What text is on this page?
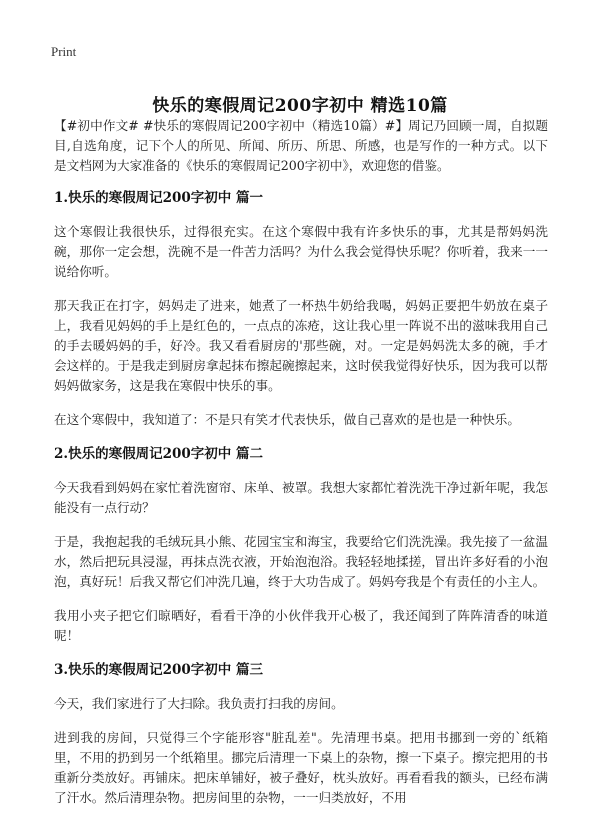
Print
快乐的寒假周记200字初中 精选10篇

【#初中作文# #快乐的寒假周记200字初中（精选10篇）#】周记乃回顾一周，自拟题目,自选角度，记下个人的所见、所闻、所历、所思、所感，也是写作的一种方式。以下是文档网为大家准备的《快乐的寒假周记200字初中》，欢迎您的借鉴。

1.快乐的寒假周记200字初中 篇一

这个寒假让我很快乐，过得很充实。在这个寒假中我有许多快乐的事，尤其是帮妈妈洗碗，那你一定会想，洗碗不是一件苦力活吗？为什么我会觉得快乐呢？你听着，我来一一说给你听。

那天我正在打字，妈妈走了进来，她煮了一杯热牛奶给我喝，妈妈正要把牛奶放在桌子上，我看见妈妈的手上是红色的，一点点的冻疮，这让我心里一阵说不出的滋味我用自己的手去暖妈妈的手，好冷。我又看看厨房的'那些碗，对。一定是妈妈洗太多的碗，手才会这样的。于是我走到厨房拿起抹布擦起碗擦起来，这时侯我觉得好快乐，因为我可以帮妈妈做家务，这是我在寒假中快乐的事。

在这个寒假中，我知道了：不是只有笑才代表快乐，做自己喜欢的是也是一种快乐。

2.快乐的寒假周记200字初中 篇二

今天我看到妈妈在家忙着洗窗帘、床单、被罩。我想大家都忙着洗洗干净过新年呢，我怎能没有一点行动？

于是，我抱起我的毛绒玩具小熊、花园宝宝和海宝，我要给它们洗洗澡。我先接了一盆温水，然后把玩具浸湿，再抹点洗衣液，开始泡泡浴。我轻轻地揉搓，冒出许多好看的小泡泡，真好玩！后我又帮它们冲洗几遍，终于大功告成了。妈妈夸我是个有责任的小主人。

我用小夹子把它们晾晒好，看看干净的小伙伴我开心极了，我还闻到了阵阵清香的味道呢！

3.快乐的寒假周记200字初中 篇三

今天，我们家进行了大扫除。我负责打扫我的房间。

进到我的房间，只觉得三个字能形容"脏乱差"。先清理书桌。把用书挪到一旁的`纸箱里，不用的扔到另一个纸箱里。挪完后清理一下桌上的杂物，擦一下桌子。擦完把用的书重新分类放好。再铺床。把床单铺好，被子叠好，枕头放好。再看看我的额头，已经布满了汗水。然后清理杂物。把房间里的杂物，一一归类放好，不用
